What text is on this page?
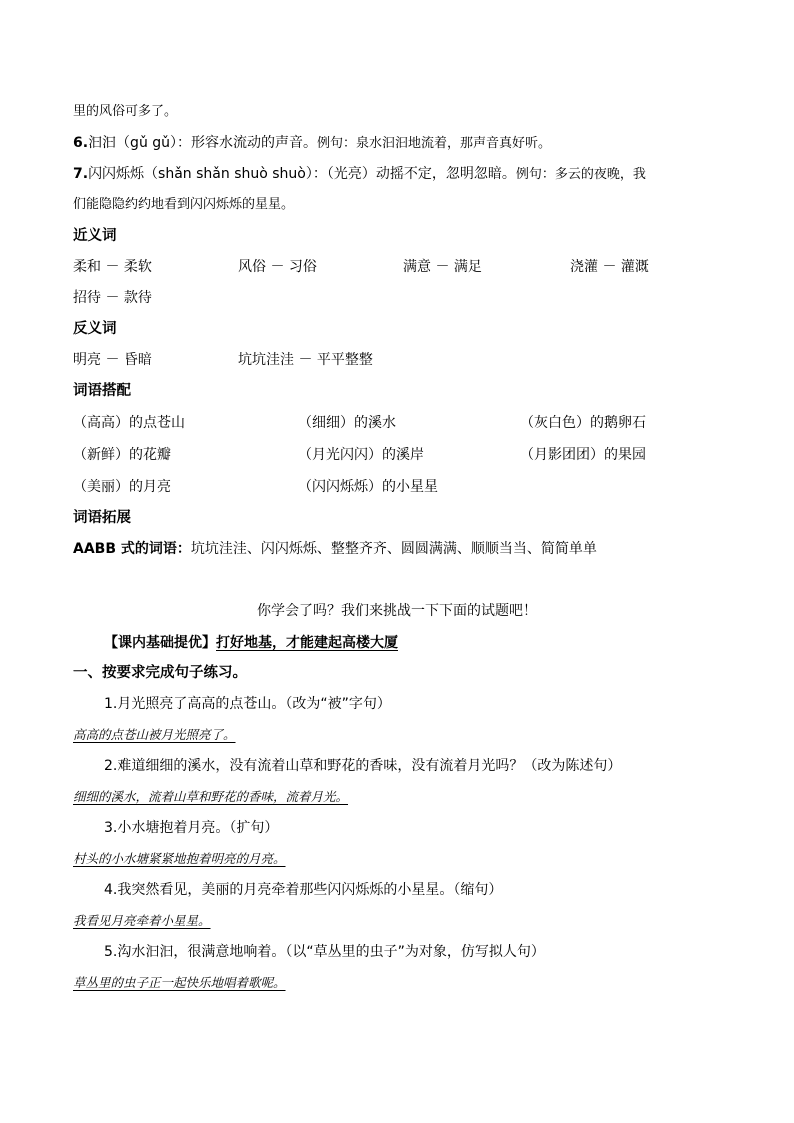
里的风俗可多了。
6.汩汩（gǔ gǔ）：形容水流动的声音。例句：泉水汩汩地流着，那声音真好听。
7.闪闪烁烁（shǎn shǎn shuò shuò）：（光亮）动摇不定，忽明忽暗。例句：多云的夜晚，我
们能隐隐约约地看到闪闪烁烁的星星。
近义词
柔和 － 柔软	风俗 － 习俗	满意 － 满足	浇灌 － 灌溉
招待 － 款待
反义词
明亮 － 昏暗	坑坑洼洼 － 平平整整
词语搭配
（高高）的点苍山	（细细）的溪水	（灰白色）的鹅卵石
（新鲜）的花瓣	（月光闪闪）的溪岸	（月影团团）的果园
（美丽）的月亮	（闪闪烁烁）的小星星
词语拓展
AABB 式的词语：坑坑洼洼、闪闪烁烁、整整齐齐、圆圆满满、顺顺当当、简简单单
你学会了吗？我们来挑战一下下面的试题吧！
【课内基础提优】打好地基，才能建起高楼大厦
一、按要求完成句子练习。
1.月光照亮了高高的点苍山。（改为“被”字句）
高高的点苍山被月光照亮了。
2.难道细细的溪水，没有流着山草和野花的香味，没有流着月光吗？（改为陈述句）
细细的溪水，流着山草和野花的香味，流着月光。
3.小水塘抱着月亮。（扩句）
村头的小水塘紧紧地抱着明亮的月亮。
4.我突然看见，美丽的月亮牵着那些闪闪烁烁的小星星。（缩句）
我看见月亮牵着小星星。
5.沟水汩汩，很满意地响着。（以“草丛里的虫子”为对象，仿写拟人句）
草丛里的虫子正一起快乐地唱着歌呢。
